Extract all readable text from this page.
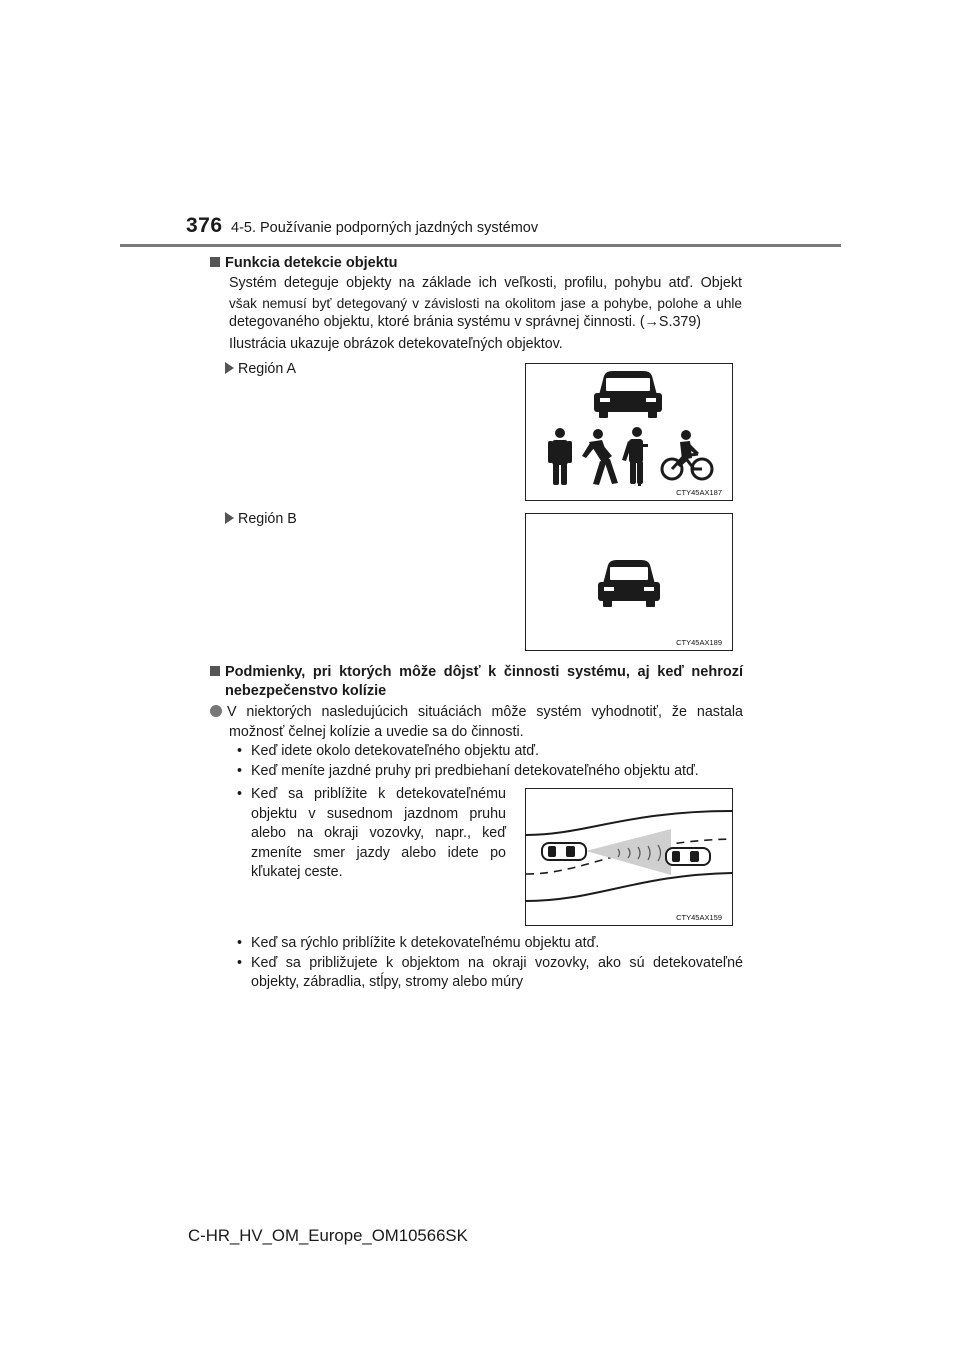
376 4-5. Používanie podporných jazdných systémov
Funkcia detekcie objektu
Systém deteguje objekty na základe ich veľkosti, profilu, pohybu atď. Objekt
však nemusí byť detegovaný v závislosti na okolitom jase a pohybe, polohe a uhle
detegovaného objektu, ktoré bránia systému v správnej činnosti. (→S.379)
Ilustrácia ukazuje obrázok detekovateľných objektov.
Región A
Región B
CTY45AX187
CTY45AX189
Podmienky, pri ktorých môže dôjsť k činnosti systému, aj keď nehrozí
nebezpečenstvo kolízie
V niektorých nasledujúcich situáciách môže systém vyhodnotiť, že nastala
možnosť čelnej kolízie a uvedie sa do činnosti.
• Keď idete okolo detekovateľného objektu atď.
• Keď meníte jazdné pruhy pri predbiehaní detekovateľného objektu atď.
• Keď sa priblížite k detekovateľnému
objektu v susednom jazdnom pruhu
alebo na okraji vozovky, napr., keď
zmeníte smer jazdy alebo idete po
kľukatej ceste.
CTY45AX159
• Keď sa rýchlo priblížite k detekovateľnému objektu atď.
• Keď sa približujete k objektom na okraji vozovky, ako sú detekovateľné
objekty, zábradlia, stĺpy, stromy alebo múry
C-HR_HV_OM_Europe_OM10566SK
